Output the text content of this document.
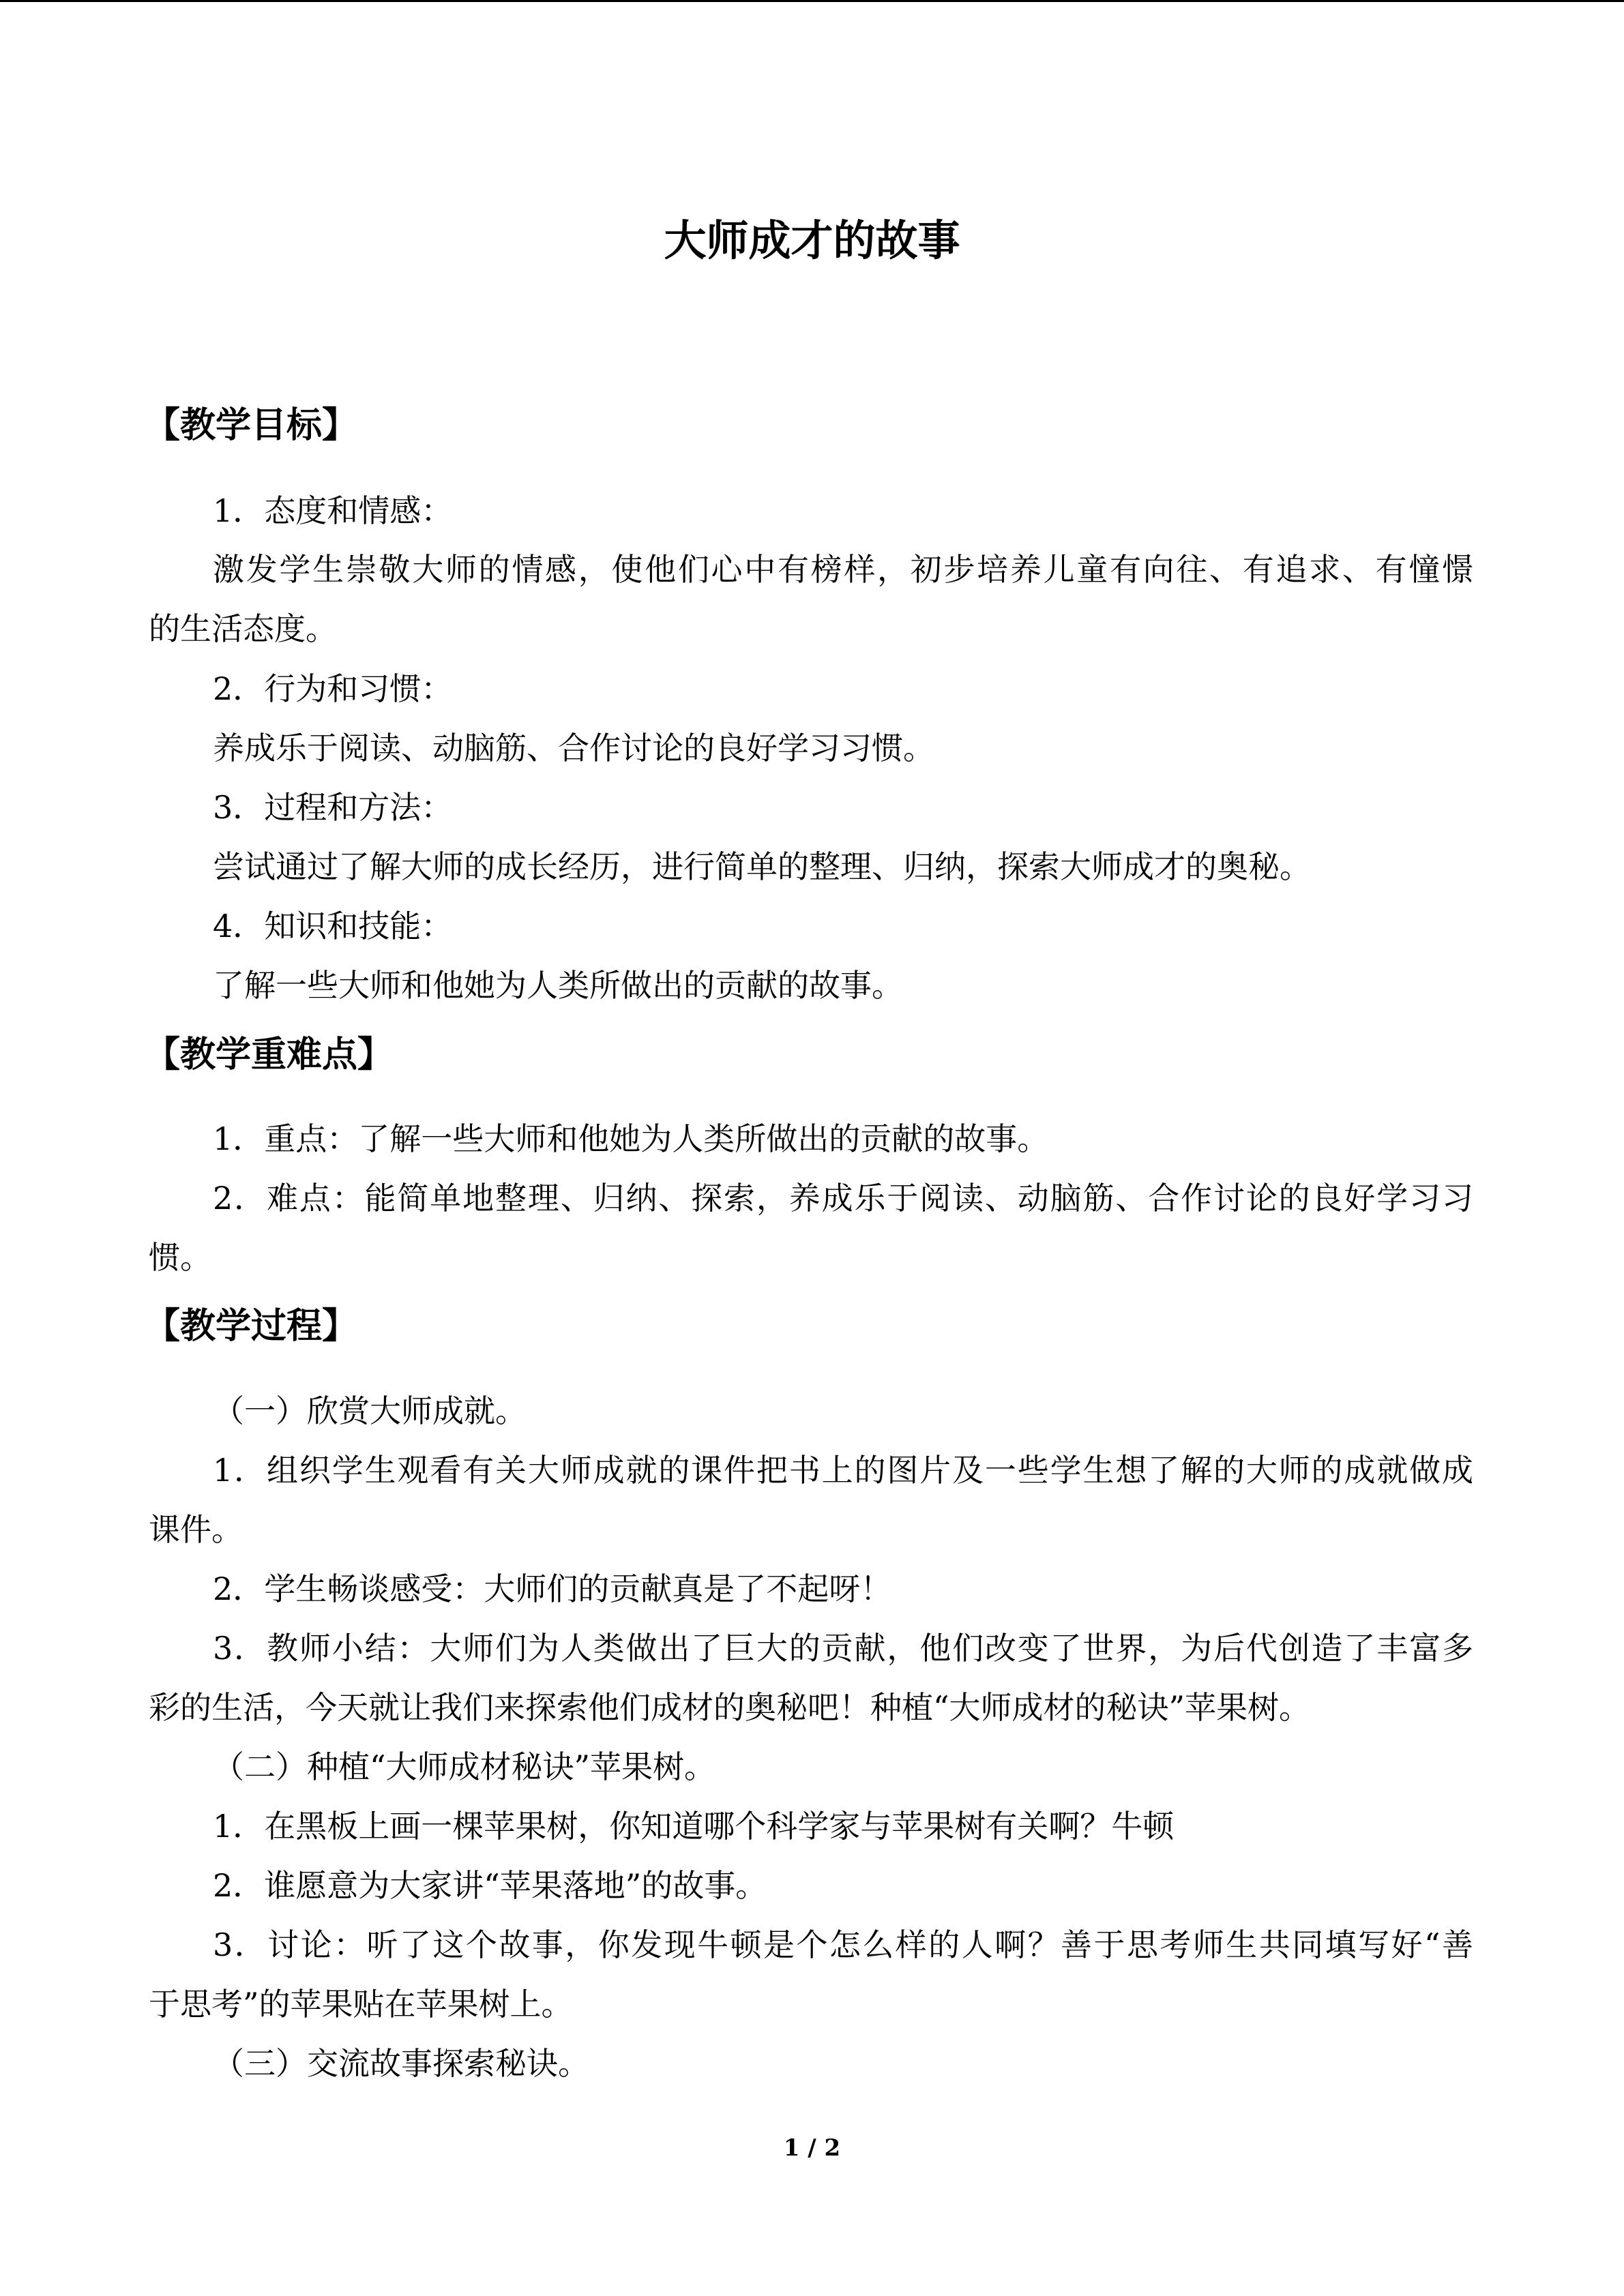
大师成才的故事
【教学目标】
1．态度和情感：
激发学生崇敬大师的情感，使他们心中有榜样，初步培养儿童有向往、有追求、有憧憬
的生活态度。
2．行为和习惯：
养成乐于阅读、动脑筋、合作讨论的良好学习习惯。
3．过程和方法：
尝试通过了解大师的成长经历，进行简单的整理、归纳，探索大师成才的奥秘。
4．知识和技能：
了解一些大师和他她为人类所做出的贡献的故事。
【教学重难点】
1．重点：了解一些大师和他她为人类所做出的贡献的故事。
2．难点：能简单地整理、归纳、探索，养成乐于阅读、动脑筋、合作讨论的良好学习习
惯。
【教学过程】
（一）欣赏大师成就。
1．组织学生观看有关大师成就的课件把书上的图片及一些学生想了解的大师的成就做成
课件。
2．学生畅谈感受：大师们的贡献真是了不起呀！
3．教师小结：大师们为人类做出了巨大的贡献，他们改变了世界，为后代创造了丰富多
彩的生活，今天就让我们来探索他们成材的奥秘吧！种植“大师成材的秘诀”苹果树。
（二）种植“大师成材秘诀”苹果树。
1．在黑板上画一棵苹果树，你知道哪个科学家与苹果树有关啊？牛顿
2．谁愿意为大家讲“苹果落地”的故事。
3．讨论：听了这个故事，你发现牛顿是个怎么样的人啊？善于思考师生共同填写好“善
于思考”的苹果贴在苹果树上。
（三）交流故事探索秘诀。
1 / 2
